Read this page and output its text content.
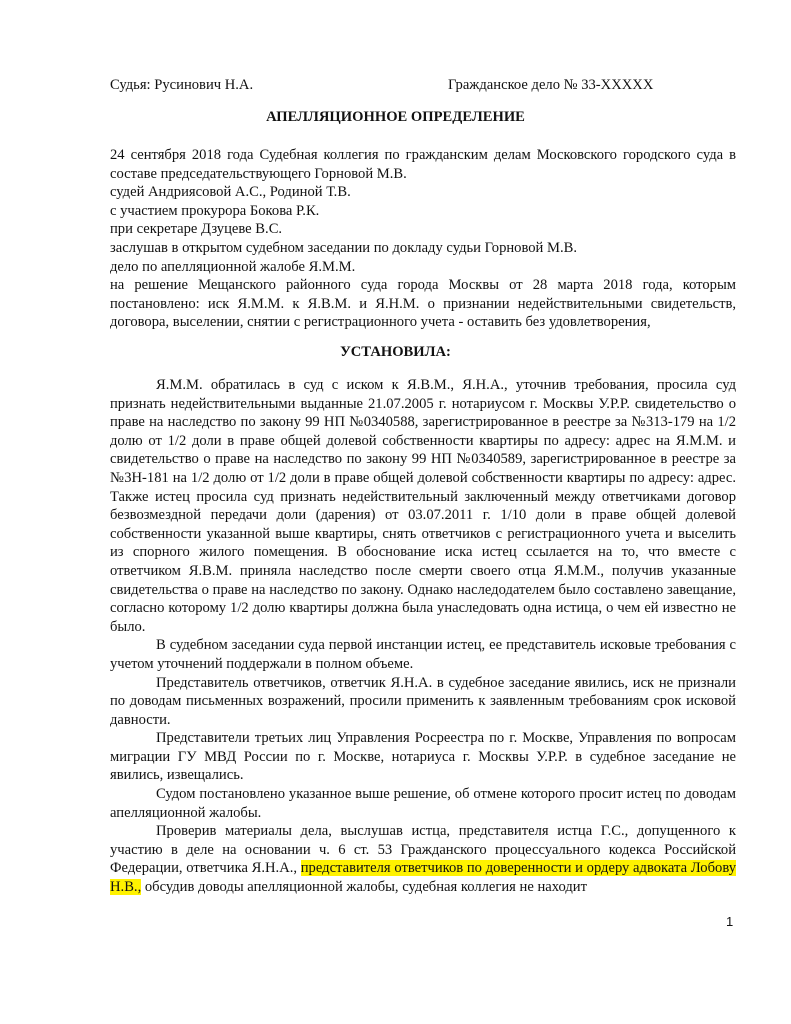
Судья: Русинович Н.А.	Гражданское дело № 33-XXXXX
АПЕЛЛЯЦИОННОЕ ОПРЕДЕЛЕНИЕ

24 сентября 2018 года Судебная коллегия по гражданским делам Московского городского суда в составе председательствующего Горновой М.В.

судей Андриясовой А.С., Родиной Т.В.

с участием прокурора Бокова Р.К.

при секретаре Дзуцеве В.С.

заслушав в открытом судебном заседании по докладу судьи Горновой М.В.

дело по апелляционной жалобе Я.М.М.

на решение Мещанского районного суда города Москвы от 28 марта 2018 года, которым постановлено: иск Я.М.М. к Я.В.М. и Я.Н.М. о признании недействительными свидетельств, договора, выселении, снятии с регистрационного учета - оставить без удовлетворения,

УСТАНОВИЛА:

Я.М.М. обратилась в суд с иском к Я.В.М., Я.Н.А., уточнив требования, просила суд признать недействительными выданные 21.07.2005 г. нотариусом г. Москвы У.Р.Р. свидетельство о праве на наследство по закону 99 НП №0340588, зарегистрированное в реестре за №313-179 на 1/2 долю от 1/2 доли в праве общей долевой собственности квартиры по адресу: адрес на Я.М.М. и свидетельство о праве на наследство по закону 99 НП №0340589, зарегистрированное в реестре за №3Н-181 на 1/2 долю от 1/2 доли в праве общей долевой собственности квартиры по адресу: адрес. Также истец просила суд признать недействительный заключенный между ответчиками договор безвозмездной передачи доли (дарения) от 03.07.2011 г. 1/10 доли в праве общей долевой собственности указанной выше квартиры, снять ответчиков с регистрационного учета и выселить из спорного жилого помещения. В обоснование иска истец ссылается на то, что вместе с ответчиком Я.В.М. приняла наследство после смерти своего отца Я.М.М., получив указанные свидетельства о праве на наследство по закону. Однако наследодателем было составлено завещание, согласно которому 1/2 долю квартиры должна была унаследовать одна истица, о чем ей известно не было.

В судебном заседании суда первой инстанции истец, ее представитель исковые требования с учетом уточнений поддержали в полном объеме.

Представитель ответчиков, ответчик Я.Н.А. в судебное заседание явились, иск не признали по доводам письменных возражений, просили применить к заявленным требованиям срок исковой давности.

Представители третьих лиц Управления Росреестра по г. Москве, Управления по вопросам миграции ГУ МВД России по г. Москве, нотариуса г. Москвы У.Р.Р. в судебное заседание не явились, извещались.

Судом постановлено указанное выше решение, об отмене которого просит истец по доводам апелляционной жалобы.

Проверив материалы дела, выслушав истца, представителя истца Г.С., допущенного к участию в деле на основании ч. 6 ст. 53 Гражданского процессуального кодекса Российской Федерации, ответчика Я.Н.А., представителя ответчиков по доверенности и ордеру адвоката Лобову Н.В., обсудив доводы апелляционной жалобы, судебная коллегия не находит

1
